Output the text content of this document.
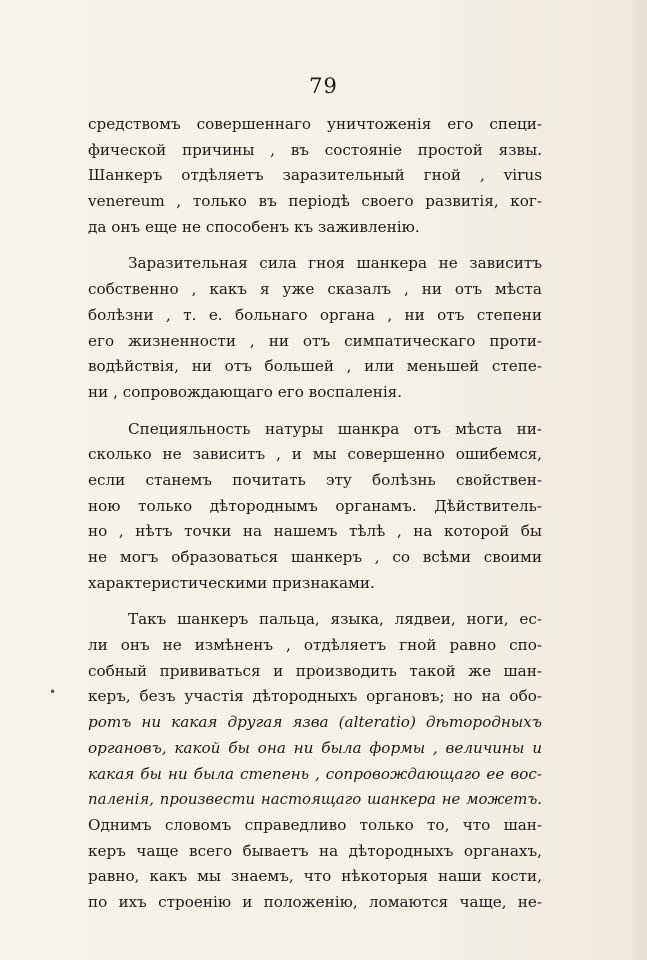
79
•
средствомъ совершеннаго уничтоженія его специ-
фической причины , въ состояніе простой язвы.
Шанкеръ отдѣляетъ заразительный гной , virus
venereum , только въ періодѣ своего развитія, ког-
да онъ еще не способенъ къ заживленію.
Заразительная сила гноя шанкера не зависитъ
собственно , какъ я уже сказалъ , ни отъ мѣста
болѣзни , т. е. больнаго органа , ни отъ степени
его жизненности , ни отъ симпатическаго проти-
водѣйствія, ни отъ большей , или меньшей степе-
ни , сопровождающаго его воспаленія.
Специяльность натуры шанкра отъ мѣста ни-
сколько не зависитъ , и мы совершенно ошибемся,
если станемъ почитать эту болѣзнь свойствен-
ною только дѣтороднымъ органамъ. Дѣйствитель-
но , нѣтъ точки на нашемъ тѣлѣ , на которой бы
не могъ образоваться шанкеръ , со всѣми своими
характеристическими признаками.
Такъ шанкеръ пальца, языка, лядвеи, ноги, ес-
ли онъ не измѣненъ , отдѣляетъ гной равно спо-
собный прививаться и производить такой же шан-
керъ, безъ участія дѣтородныхъ органовъ; но на обо-
ротъ ни какая другая язва (alteratio) дѣтородныхъ
органовъ, какой бы она ни была формы , величины и
какая бы ни была степень , сопровождающаго ее вос-
паленія, произвести настоящаго шанкера не можетъ.
Однимъ словомъ справедливо только то, что шан-
керъ чаще всего бываетъ на дѣтородныхъ органахъ,
равно, какъ мы знаемъ, что нѣкоторыя наши кости,
по ихъ строенію и положенію, ломаются чаще, не-
